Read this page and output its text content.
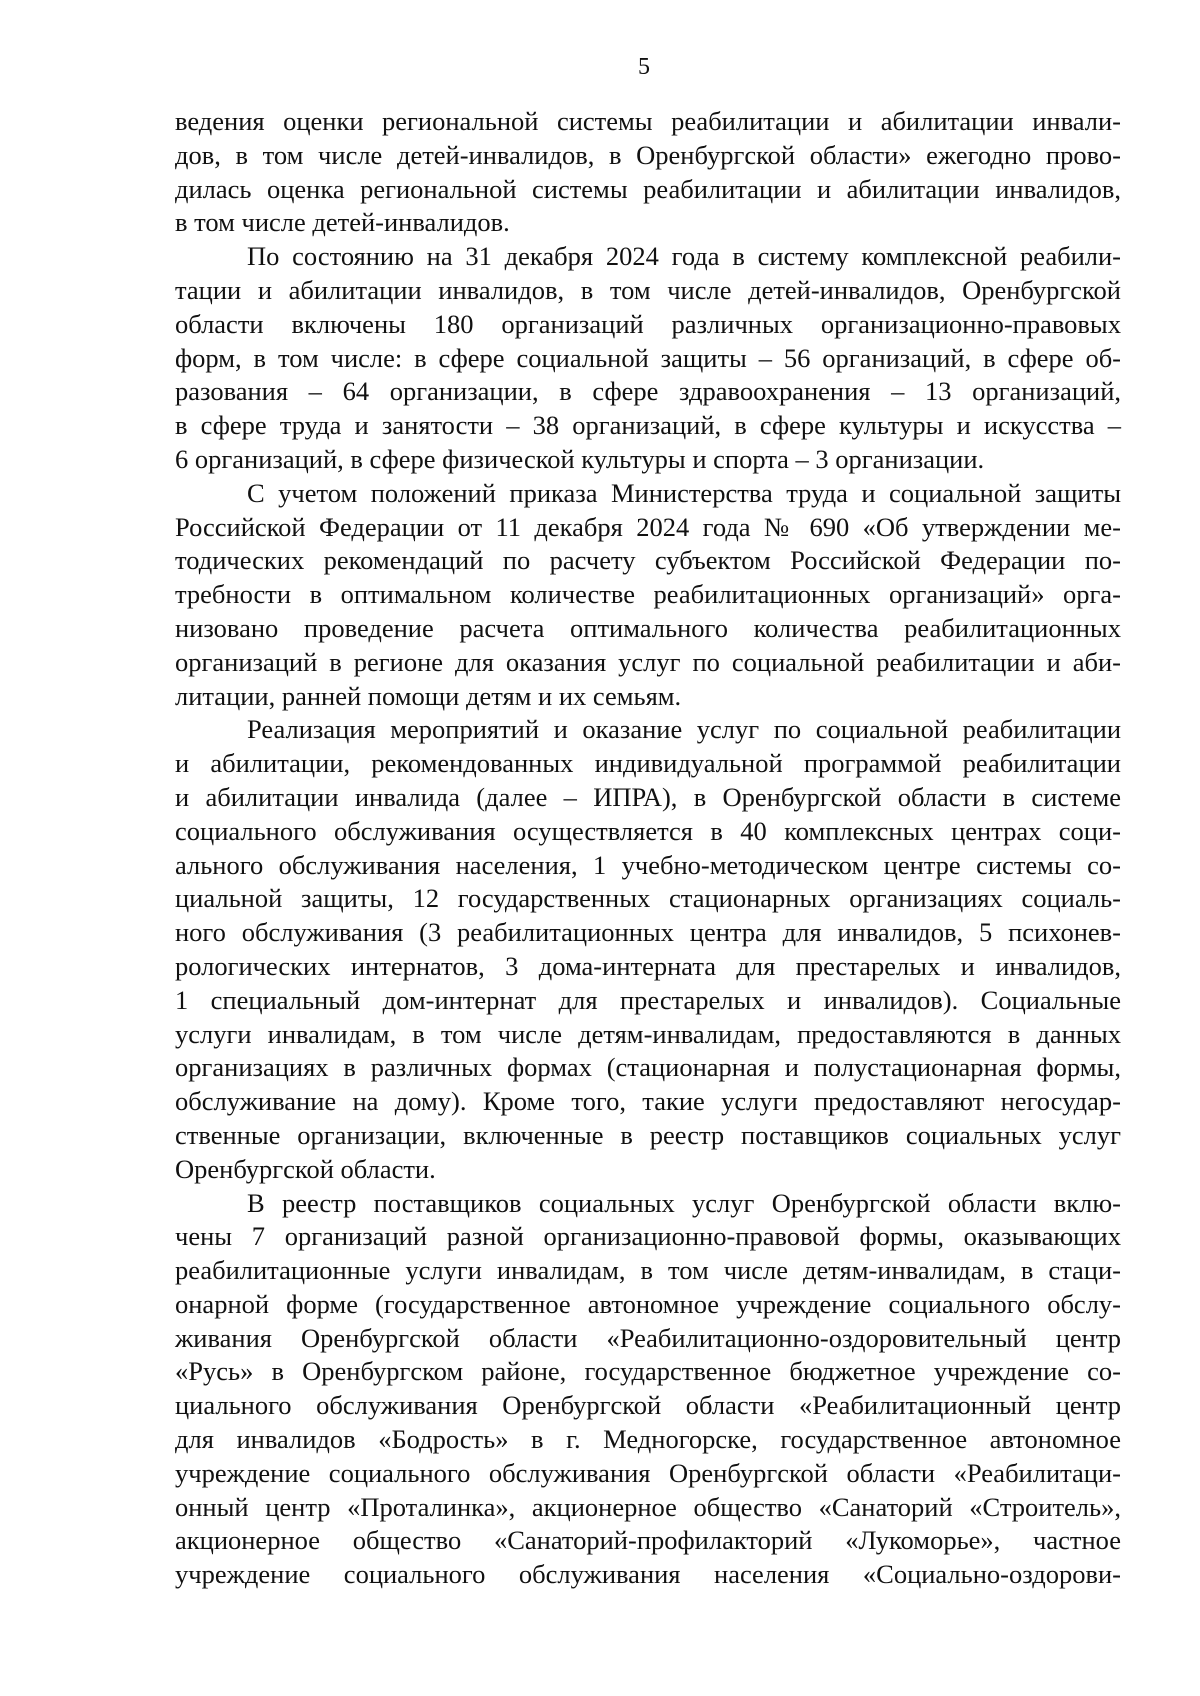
5
ведения оценки региональной системы реабилитации и абилитации инвали-
дов, в том числе детей-инвалидов, в Оренбургской области» ежегодно прово-
дилась оценка региональной системы реабилитации и абилитации инвалидов,
в том числе детей-инвалидов.
По состоянию на 31 декабря 2024 года в систему комплексной реабили-
тации и абилитации инвалидов, в том числе детей-инвалидов, Оренбургской
области включены 180 организаций различных организационно-правовых
форм, в том числе: в сфере социальной защиты – 56 организаций, в сфере об-
разования – 64 организации, в сфере здравоохранения – 13 организаций,
в сфере труда и занятости – 38 организаций, в сфере культуры и искусства –
6 организаций, в сфере физической культуры и спорта – 3 организации.
С учетом положений приказа Министерства труда и социальной защиты
Российской Федерации от 11 декабря 2024 года № 690 «Об утверждении ме-
тодических рекомендаций по расчету субъектом Российской Федерации по-
требности в оптимальном количестве реабилитационных организаций» орга-
низовано проведение расчета оптимального количества реабилитационных
организаций в регионе для оказания услуг по социальной реабилитации и аби-
литации, ранней помощи детям и их семьям.
Реализация мероприятий и оказание услуг по социальной реабилитации
и абилитации, рекомендованных индивидуальной программой реабилитации
и абилитации инвалида (далее – ИПРА), в Оренбургской области в системе
социального обслуживания осуществляется в 40 комплексных центрах соци-
ального обслуживания населения, 1 учебно-методическом центре системы со-
циальной защиты, 12 государственных стационарных организациях социаль-
ного обслуживания (3 реабилитационных центра для инвалидов, 5 психонев-
рологических интернатов, 3 дома-интерната для престарелых и инвалидов,
1 специальный дом-интернат для престарелых и инвалидов). Социальные
услуги инвалидам, в том числе детям-инвалидам, предоставляются в данных
организациях в различных формах (стационарная и полустационарная формы,
обслуживание на дому). Кроме того, такие услуги предоставляют негосудар-
ственные организации, включенные в реестр поставщиков социальных услуг
Оренбургской области.
В реестр поставщиков социальных услуг Оренбургской области вклю-
чены 7 организаций разной организационно-правовой формы, оказывающих
реабилитационные услуги инвалидам, в том числе детям-инвалидам, в стаци-
онарной форме (государственное автономное учреждение социального обслу-
живания Оренбургской области «Реабилитационно-оздоровительный центр
«Русь» в Оренбургском районе, государственное бюджетное учреждение со-
циального обслуживания Оренбургской области «Реабилитационный центр
для инвалидов «Бодрость» в г. Медногорске, государственное автономное
учреждение социального обслуживания Оренбургской области «Реабилитаци-
онный центр «Проталинка», акционерное общество «Санаторий «Строитель»,
акционерное общество «Санаторий-профилакторий «Лукоморье», частное
учреждение социального обслуживания населения «Социально-оздорови-
